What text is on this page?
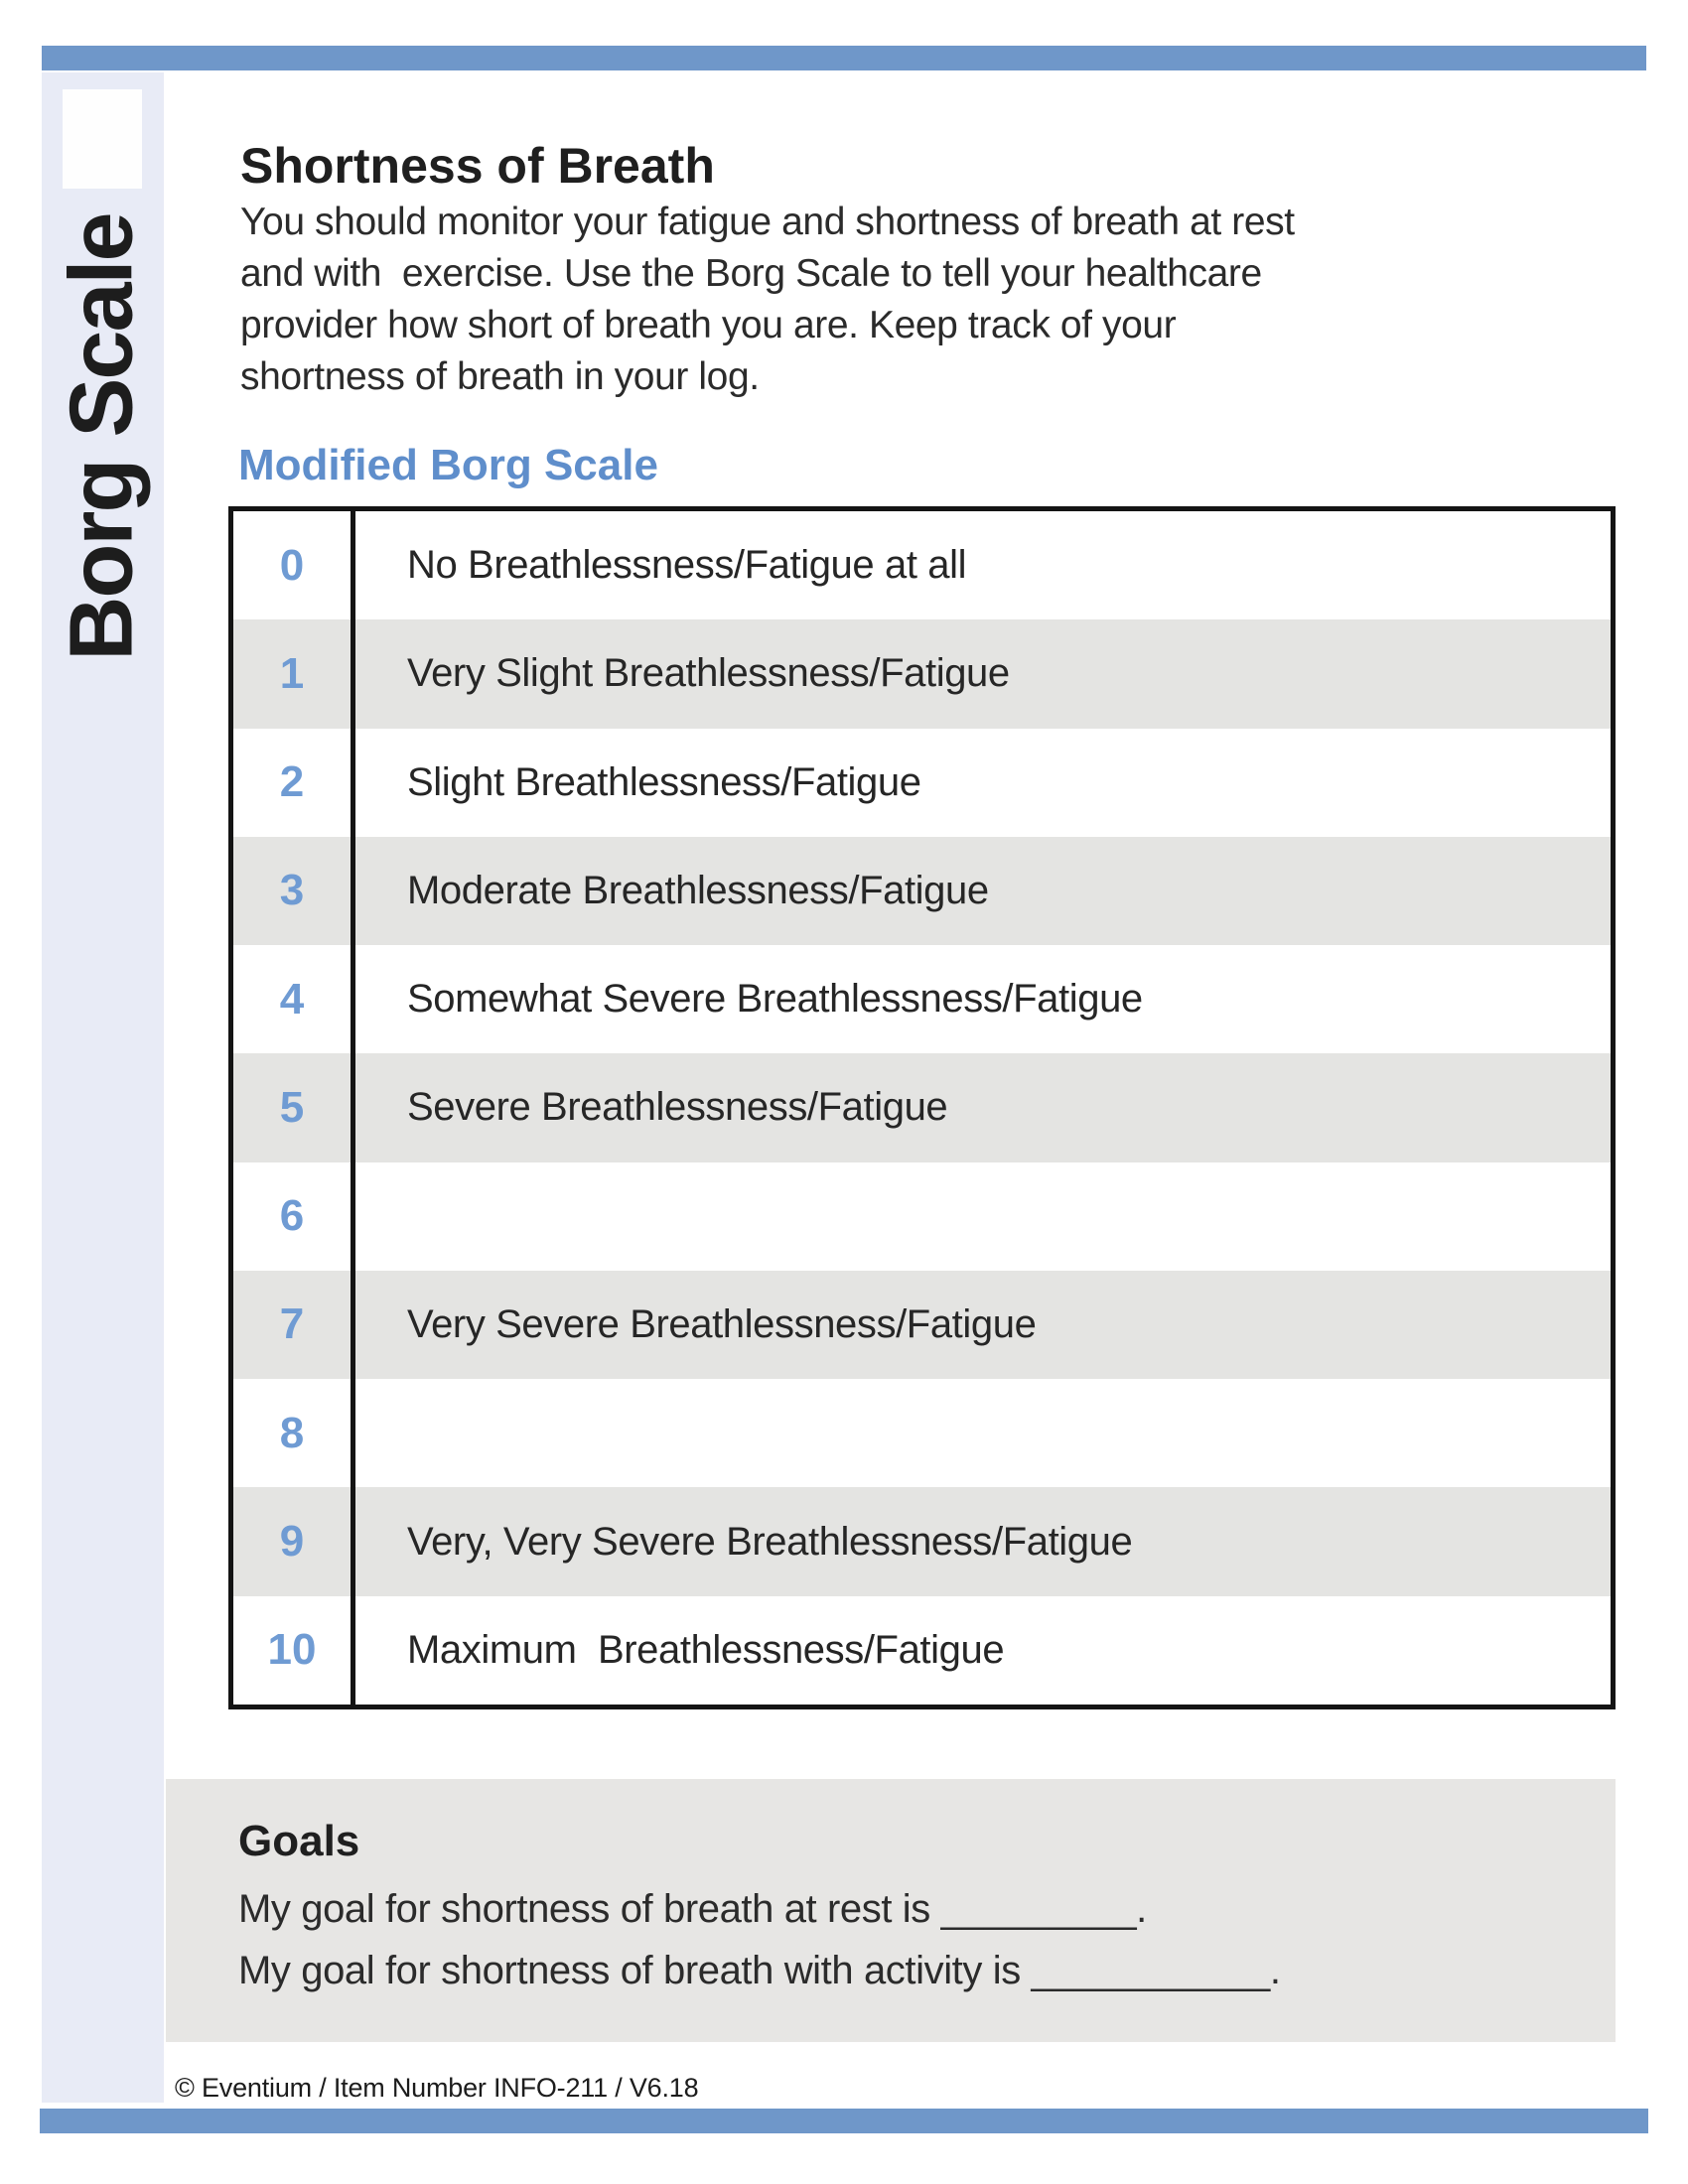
Borg Scale
Shortness of Breath
You should monitor your fatigue and shortness of breath at rest
and with  exercise. Use the Borg Scale to tell your healthcare
provider how short of breath you are. Keep track of your
shortness of breath in your log.
Modified Borg Scale
0	No Breathlessness/Fatigue at all
1	Very Slight Breathlessness/Fatigue
2	Slight Breathlessness/Fatigue
3	Moderate Breathlessness/Fatigue
4	Somewhat Severe Breathlessness/Fatigue
5	Severe Breathlessness/Fatigue
6
7	Very Severe Breathlessness/Fatigue
8
9	Very, Very Severe Breathlessness/Fatigue
10	Maximum  Breathlessness/Fatigue
Goals
My goal for shortness of breath at rest is _________.
My goal for shortness of breath with activity is ___________.
© Eventium / Item Number INFO-211 / V6.18
